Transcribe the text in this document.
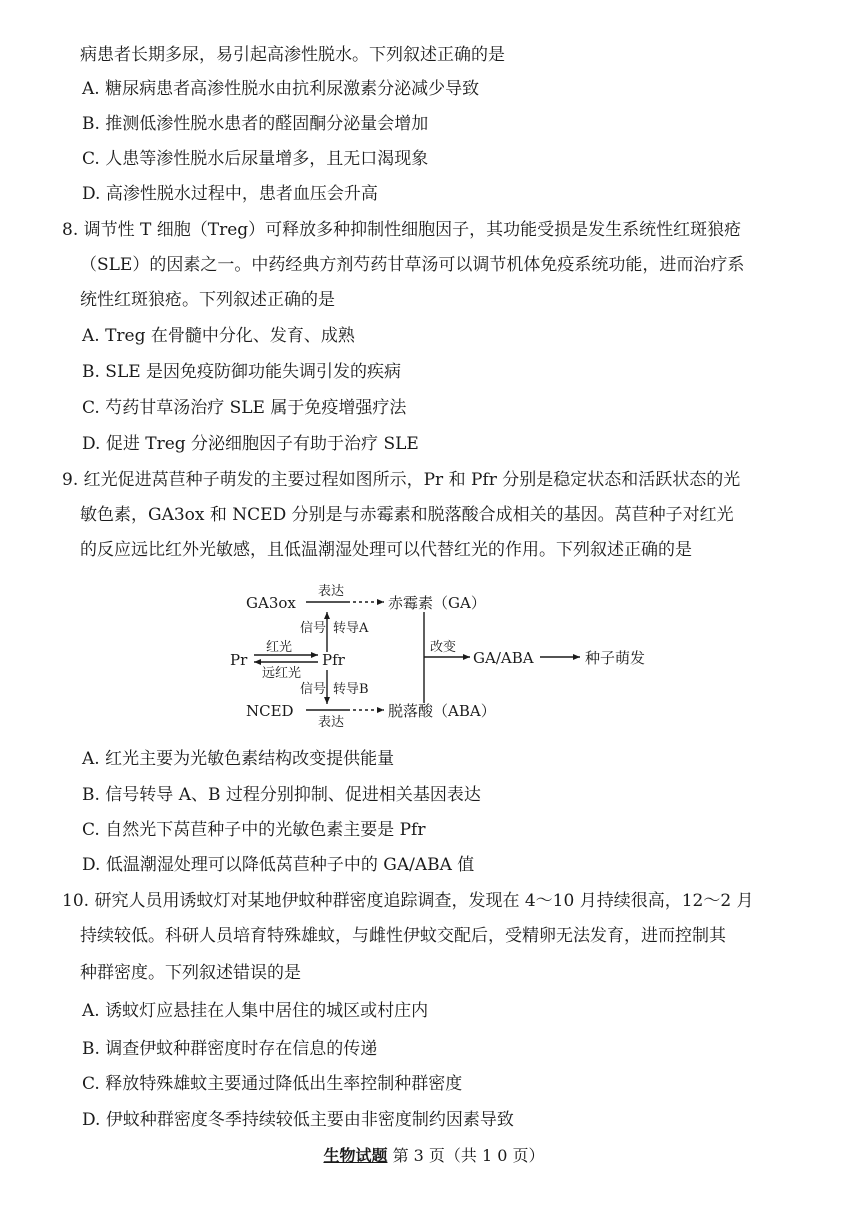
病患者长期多尿，易引起高渗性脱水。下列叙述正确的是
A. 糖尿病患者高渗性脱水由抗利尿激素分泌减少导致
B. 推测低渗性脱水患者的醛固酮分泌量会增加
C. 人患等渗性脱水后尿量增多，且无口渴现象
D. 高渗性脱水过程中，患者血压会升高
8. 调节性 T 细胞（Treg）可释放多种抑制性细胞因子，其功能受损是发生系统性红斑狼疮
（SLE）的因素之一。中药经典方剂芍药甘草汤可以调节机体免疫系统功能，进而治疗系
统性红斑狼疮。下列叙述正确的是
A. Treg 在骨髓中分化、发育、成熟
B. SLE 是因免疫防御功能失调引发的疾病
C. 芍药甘草汤治疗 SLE 属于免疫增强疗法
D. 促进 Treg 分泌细胞因子有助于治疗 SLE
9. 红光促进莴苣种子萌发的主要过程如图所示，Pr 和 Pfr 分别是稳定状态和活跃状态的光
敏色素，GA3ox 和 NCED 分别是与赤霉素和脱落酸合成相关的基因。莴苣种子对红光
的反应远比红外光敏感，且低温潮湿处理可以代替红光的作用。下列叙述正确的是
GA3ox
表达
赤霉素（GA）
信号 转导A
Pr
红光
远红光
Pfr
信号 转导B
改变
GA/ABA	种子萌发
NCED
表达
脱落酸（ABA）
A. 红光主要为光敏色素结构改变提供能量
B. 信号转导 A、B 过程分别抑制、促进相关基因表达
C. 自然光下莴苣种子中的光敏色素主要是 Pfr
D. 低温潮湿处理可以降低莴苣种子中的 GA/ABA 值
10. 研究人员用诱蚊灯对某地伊蚊种群密度追踪调查，发现在 4～10 月持续很高，12～2 月
持续较低。科研人员培育特殊雄蚊，与雌性伊蚊交配后，受精卵无法发育，进而控制其
种群密度。下列叙述错误的是
A. 诱蚊灯应悬挂在人集中居住的城区或村庄内
B. 调查伊蚊种群密度时存在信息的传递
C. 释放特殊雄蚊主要通过降低出生率控制种群密度
D. 伊蚊种群密度冬季持续较低主要由非密度制约因素导致
生物试题 第 3 页（共 1 0 页）
